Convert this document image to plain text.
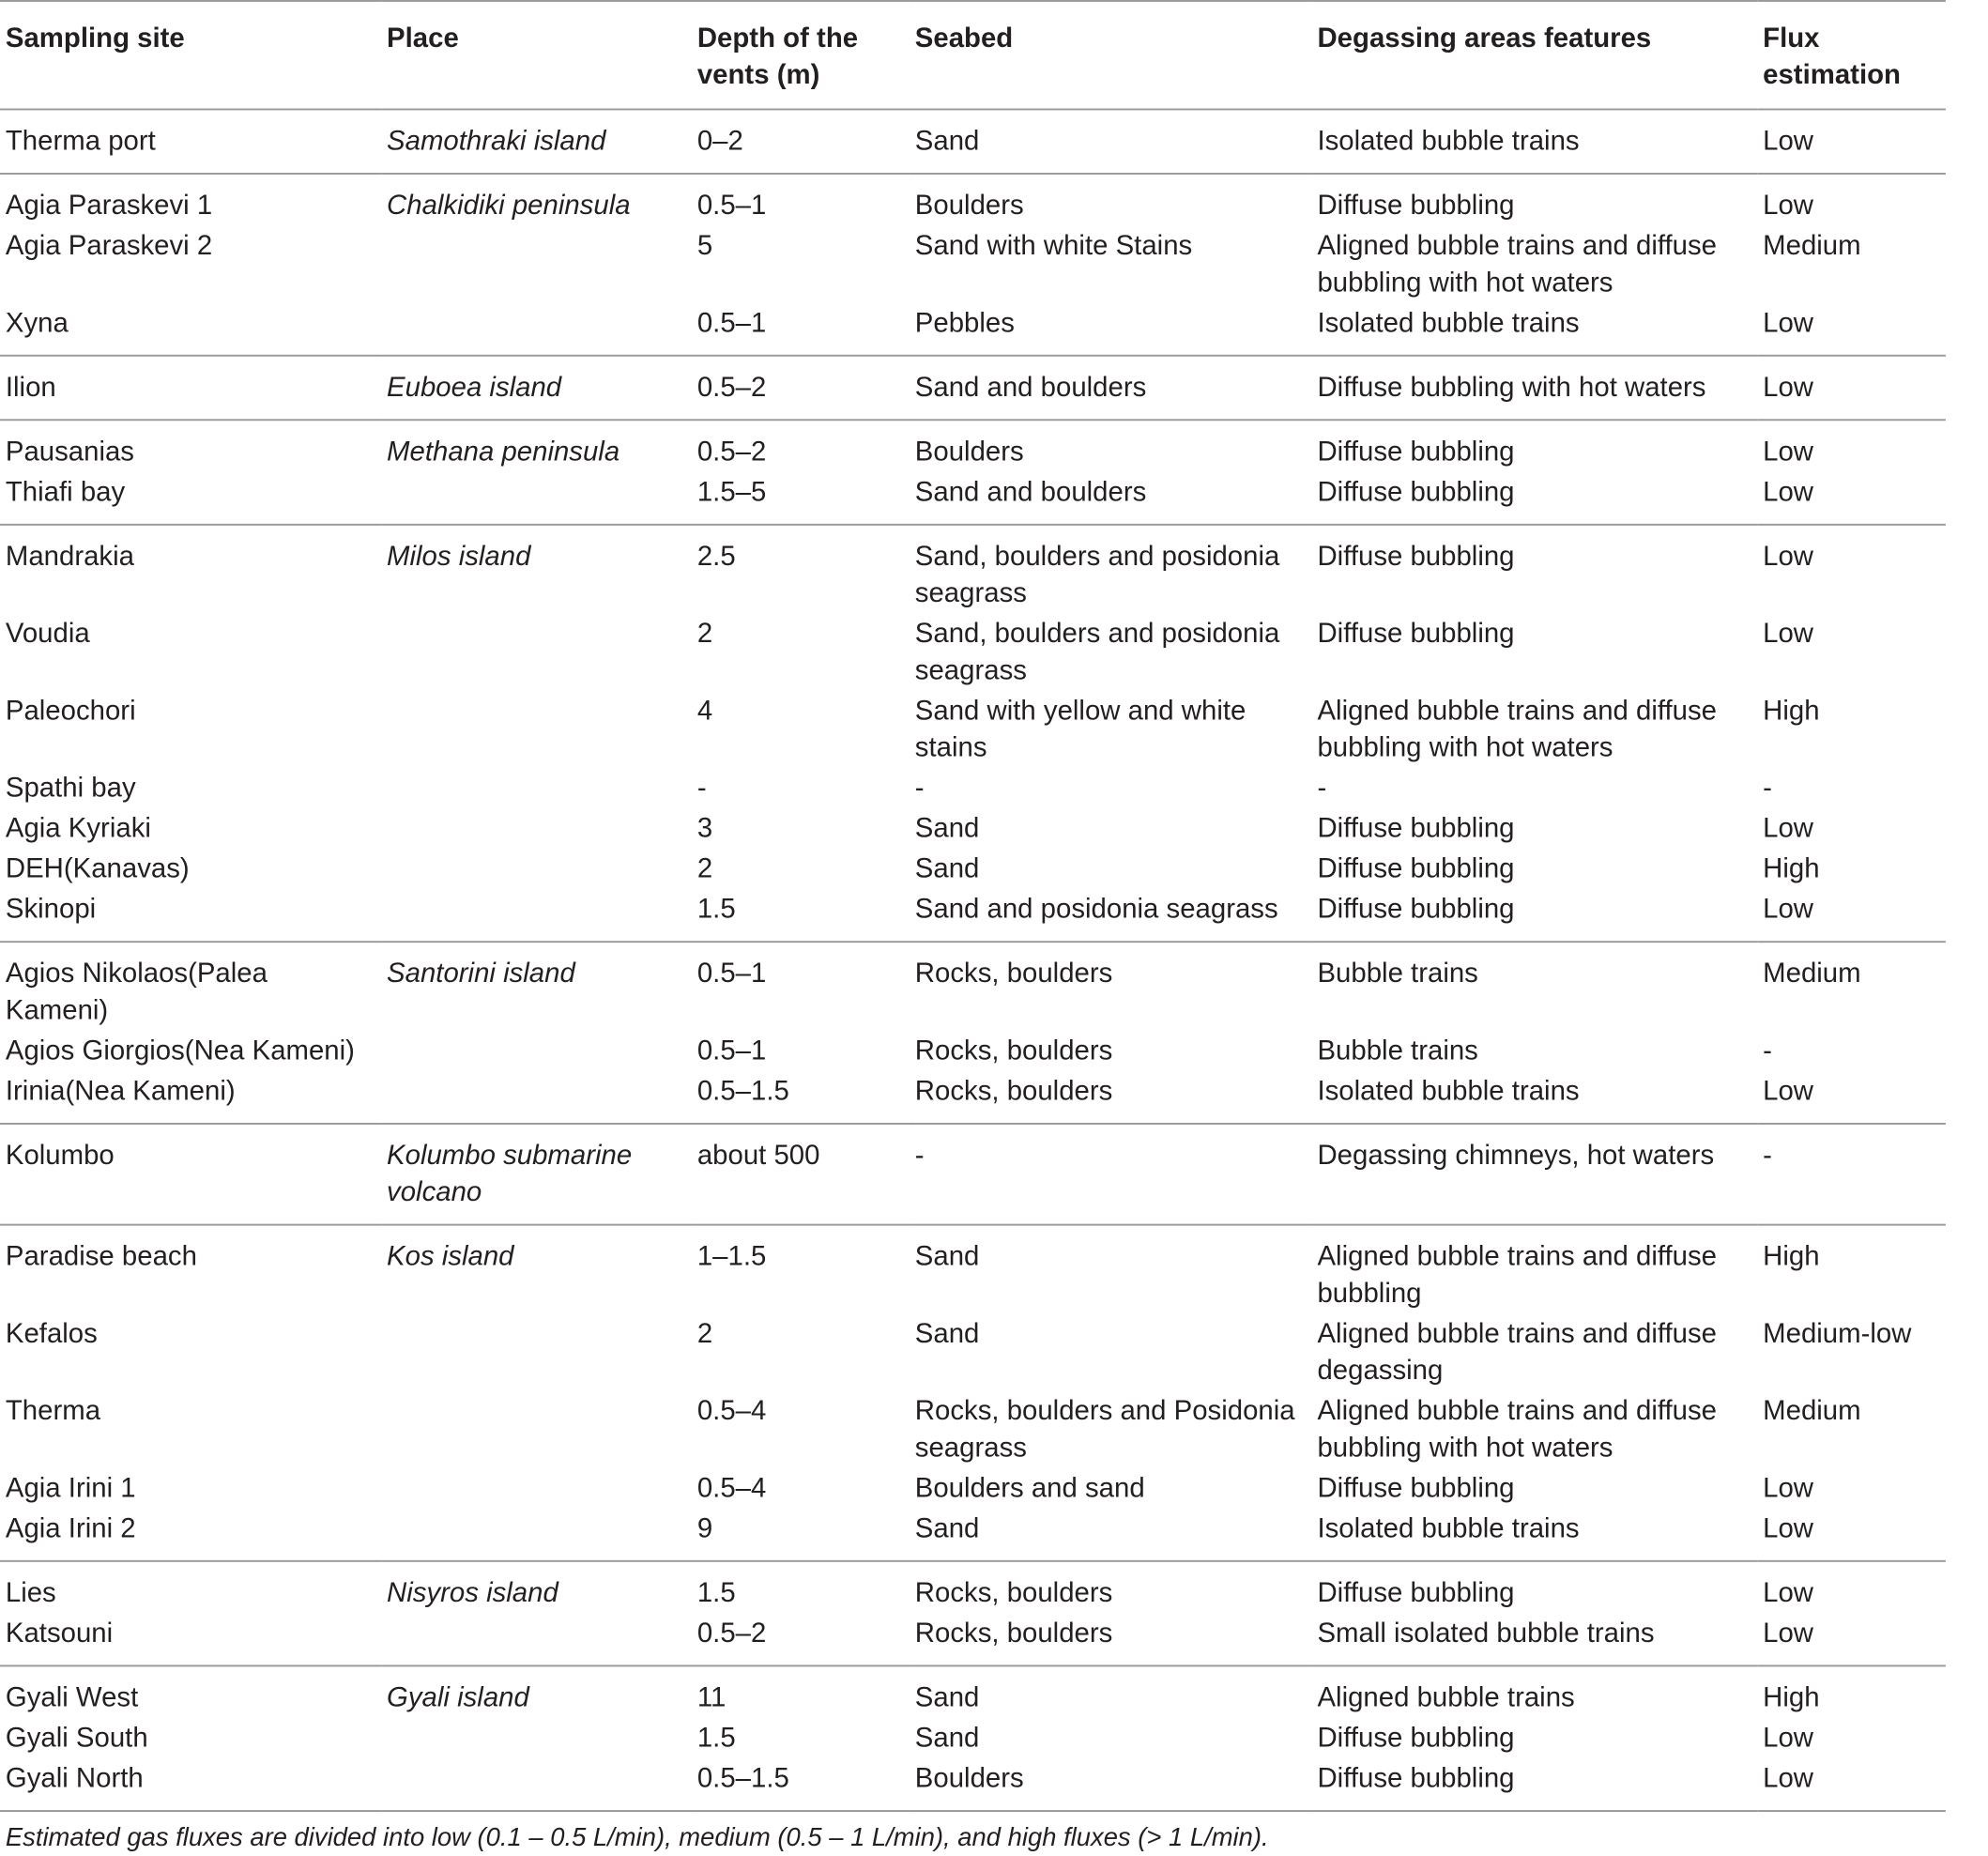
Sampling site	Place	Depth of the vents (m)	Seabed	Degassing areas features	Flux estimation
Therma port	Samothraki island	0–2	Sand	Isolated bubble trains	Low
Agia Paraskevi 1	Chalkidiki peninsula	0.5–1	Boulders	Diffuse bubbling	Low
Agia Paraskevi 2		5	Sand with white Stains	Aligned bubble trains and diffuse bubbling with hot waters	Medium
Xyna		0.5–1	Pebbles	Isolated bubble trains	Low
Ilion	Euboea island	0.5–2	Sand and boulders	Diffuse bubbling with hot waters	Low
Pausanias	Methana peninsula	0.5–2	Boulders	Diffuse bubbling	Low
Thiafi bay		1.5–5	Sand and boulders	Diffuse bubbling	Low
Mandrakia	Milos island	2.5	Sand, boulders and posidonia seagrass	Diffuse bubbling	Low
Voudia		2	Sand, boulders and posidonia seagrass	Diffuse bubbling	Low
Paleochori		4	Sand with yellow and white stains	Aligned bubble trains and diffuse bubbling with hot waters	High
Spathi bay		-	-	-	-
Agia Kyriaki		3	Sand	Diffuse bubbling	Low
DEH(Kanavas)		2	Sand	Diffuse bubbling	High
Skinopi		1.5	Sand and posidonia seagrass	Diffuse bubbling	Low
Agios Nikolaos(Palea Kameni)	Santorini island	0.5–1	Rocks, boulders	Bubble trains	Medium
Agios Giorgios(Nea Kameni)		0.5–1	Rocks, boulders	Bubble trains	-
Irinia(Nea Kameni)		0.5–1.5	Rocks, boulders	Isolated bubble trains	Low
Kolumbo	Kolumbo submarine volcano	about 500	-	Degassing chimneys, hot waters	-
Paradise beach	Kos island	1–1.5	Sand	Aligned bubble trains and diffuse bubbling	High
Kefalos		2	Sand	Aligned bubble trains and diffuse degassing	Medium-low
Therma		0.5–4	Rocks, boulders and Posidonia seagrass	Aligned bubble trains and diffuse bubbling with hot waters	Medium
Agia Irini 1		0.5–4	Boulders and sand	Diffuse bubbling	Low
Agia Irini 2		9	Sand	Isolated bubble trains	Low
Lies	Nisyros island	1.5	Rocks, boulders	Diffuse bubbling	Low
Katsouni		0.5–2	Rocks, boulders	Small isolated bubble trains	Low
Gyali West	Gyali island	11	Sand	Aligned bubble trains	High
Gyali South		1.5	Sand	Diffuse bubbling	Low
Gyali North		0.5–1.5	Boulders	Diffuse bubbling	Low
Estimated gas fluxes are divided into low (0.1 – 0.5 L/min), medium (0.5 – 1 L/min), and high fluxes (> 1 L/min).
